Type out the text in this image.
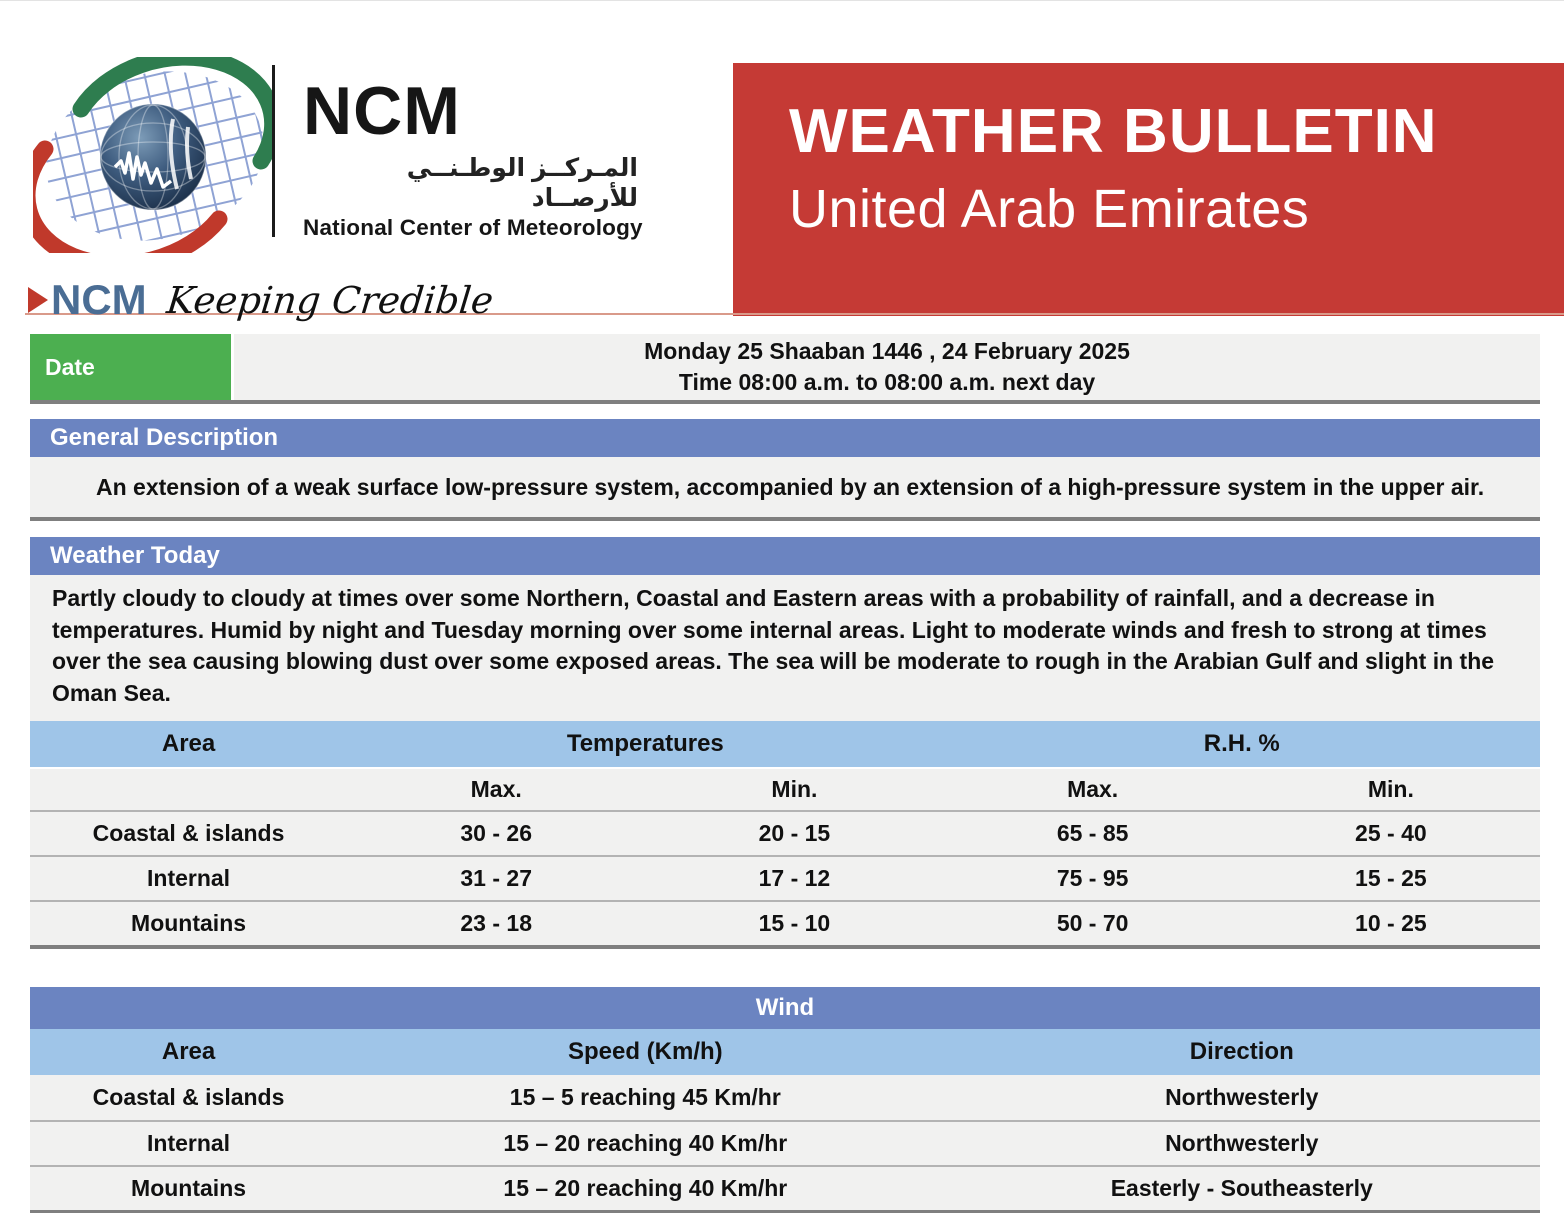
NCM
المـركــز الوطـنــي للأرصــاد
National Center of Meteorology
WEATHER BULLETIN
United Arab Emirates
NCM Keeping Credible
Date
Monday 25 Shaaban 1446 , 24 February 2025
Time 08:00 a.m. to 08:00 a.m. next day
General Description
An extension of a weak surface low-pressure system, accompanied by an extension of a high-pressure system in the upper air.
Weather Today
Partly cloudy to cloudy at times over some Northern, Coastal and Eastern areas with a probability of rainfall, and a decrease in temperatures. Humid by night and Tuesday morning over some internal areas. Light to moderate winds and fresh to strong at times over the sea causing blowing dust over some exposed areas. The sea will be moderate to rough in the Arabian Gulf and slight in the Oman Sea.
Area	Temperatures	R.H. %
Max.	Min.	Max.	Min.
Coastal & islands	30 - 26	20 - 15	65 - 85	25 - 40
Internal	31 - 27	17 - 12	75 - 95	15 - 25
Mountains	23 - 18	15 - 10	50 - 70	10 - 25
Wind
Area	Speed (Km/h)	Direction
Coastal & islands	15 – 5 reaching 45 Km/hr	Northwesterly
Internal	15 – 20 reaching 40 Km/hr	Northwesterly
Mountains	15 – 20 reaching 40 Km/hr	Easterly - Southeasterly
